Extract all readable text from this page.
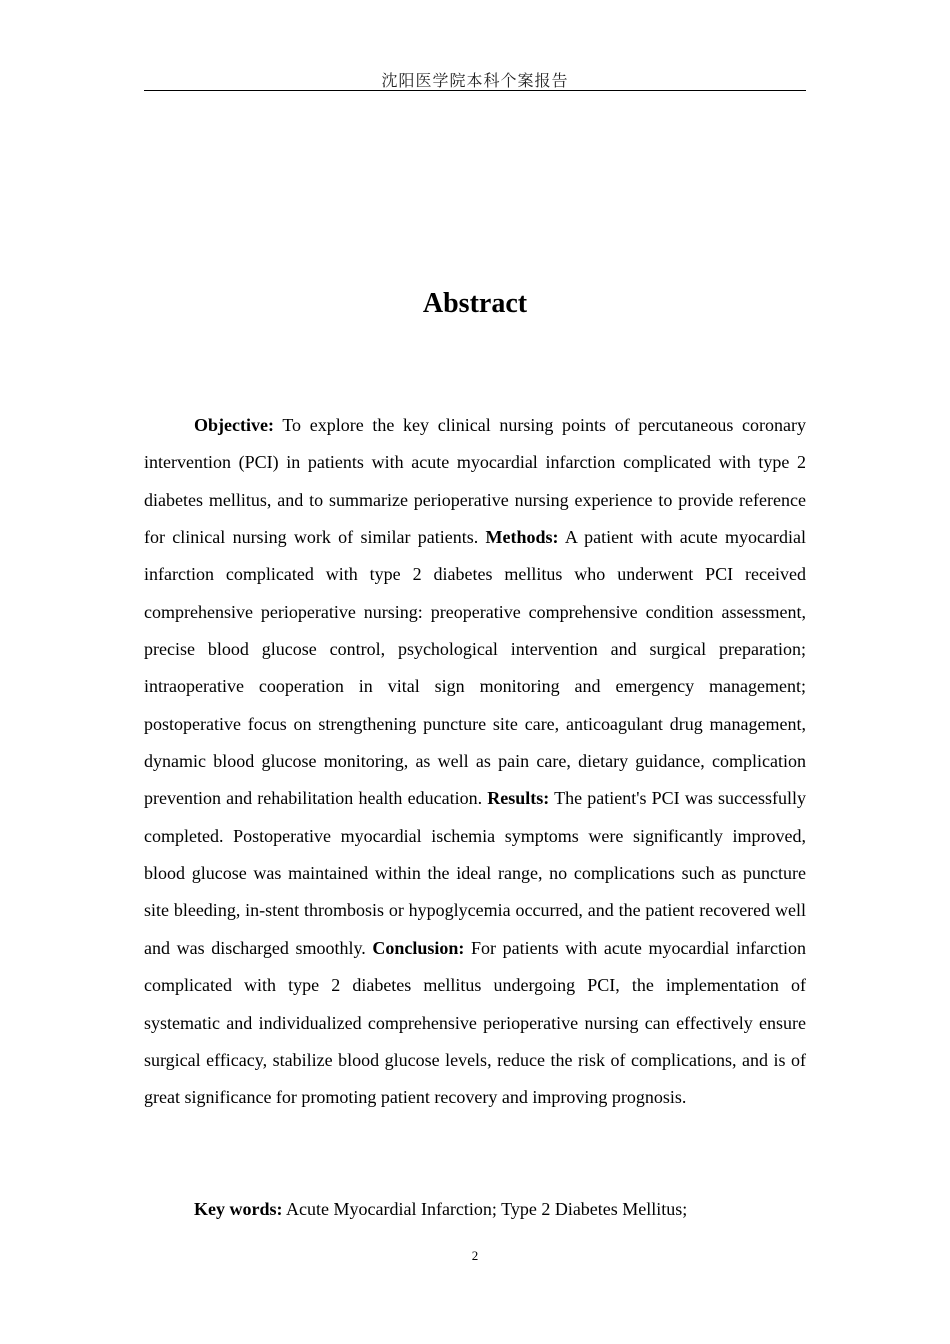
沈阳医学院本科个案报告
Abstract

Objective: To explore the key clinical nursing points of percutaneous coronary intervention (PCI) in patients with acute myocardial infarction complicated with type 2 diabetes mellitus, and to summarize perioperative nursing experience to provide reference for clinical nursing work of similar patients. Methods: A patient with acute myocardial infarction complicated with type 2 diabetes mellitus who underwent PCI received comprehensive perioperative nursing: preoperative comprehensive condition assessment, precise blood glucose control, psychological intervention and surgical preparation; intraoperative cooperation in vital sign monitoring and emergency management; postoperative focus on strengthening puncture site care, anticoagulant drug management, dynamic blood glucose monitoring, as well as pain care, dietary guidance, complication prevention and rehabilitation health education. Results: The patient's PCI was successfully completed. Postoperative myocardial ischemia symptoms were significantly improved, blood glucose was maintained within the ideal range, no complications such as puncture site bleeding, in-stent thrombosis or hypoglycemia occurred, and the patient recovered well and was discharged smoothly. Conclusion: For patients with acute myocardial infarction complicated with type 2 diabetes mellitus undergoing PCI, the implementation of systematic and individualized comprehensive perioperative nursing can effectively ensure surgical efficacy, stabilize blood glucose levels, reduce the risk of complications, and is of great significance for promoting patient recovery and improving prognosis.

Key words: Acute Myocardial Infarction; Type 2 Diabetes Mellitus;
2
